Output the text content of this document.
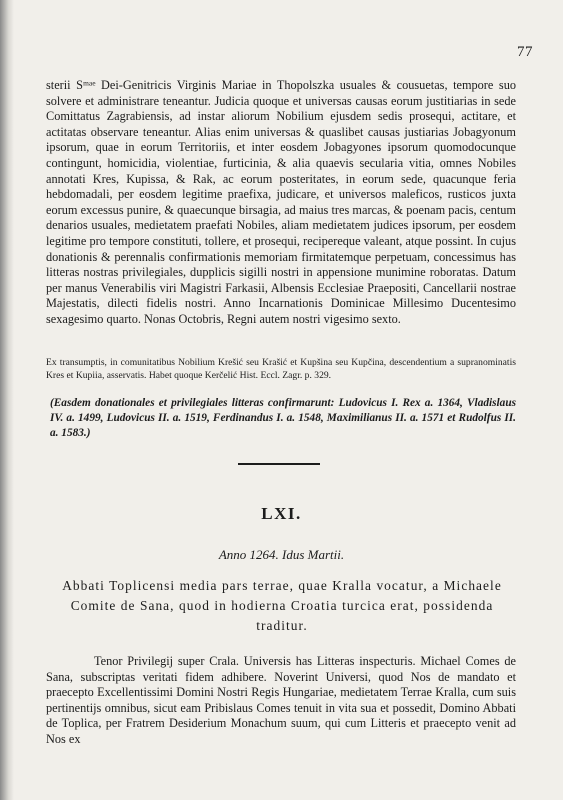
77

sterii Sᵐᵃᵉ Dei-Genitricis Virginis Mariae in Thopolszka usuales & cousuetas, tempore suo solvere et administrare teneantur. Judicia quoque et universas causas eorum justitiarias in sede Comittatus Zagrabiensis, ad instar aliorum Nobilium ejusdem sedis prosequi, actitare, et actitatas observare teneantur. Alias enim universas & quaslibet causas justiarias Jobagyonum ipsorum, quae in eorum Territoriis, et inter eosdem Jobagyones ipsorum quomodocunque contingunt, homicidia, violentiae, furticinia, & alia quaevis secularia vitia, omnes Nobiles annotati Kres, Kupissa, & Rak, ac eorum posteritates, in eorum sede, quacunque feria hebdomadali, per eosdem legitime praefixa, judicare, et universos maleficos, rusticos juxta eorum excessus punire, & quaecunque birsagia, ad maius tres marcas, & poenam pacis, centum denarios usuales, medietatem praefati Nobiles, aliam medietatem judices ipsorum, per eosdem legitime pro tempore constituti, tollere, et prosequi, recipereque valeant, atque possint. In cujus donationis & perennalis confirmationis memoriam firmitatemque perpetuam, concessimus has litteras nostras privilegiales, dupplicis sigilli nostri in appensione munimine roboratas. Datum per manus Venerabilis viri Magistri Farkasii, Albensis Ecclesiae Praepositi, Cancellarii nostrae Majestatis, dilecti fidelis nostri. Anno Incarnationis Dominicae Millesimo Ducentesimo sexagesimo quarto. Nonas Octobris, Regni autem nostri vigesimo sexto.

Ex transumptis, in comunitatibus Nobilium Krešić seu Krašić et Kupšina seu Kupčina, descendentium a supranominatis Kres et Kupiia, asservatis. Habet quoque Kerčelić Hist. Eccl. Zagr. p. 329.

(Easdem donationales et privilegiales litteras confirmarunt: Ludovicus I. Rex a. 1364, Vladislaus IV. a. 1499, Ludovicus II. a. 1519, Ferdinandus I. a. 1548, Maximilianus II. a. 1571 et Rudolfus II. a. 1583.)

LXI.
Anno 1264. Idus Martii.

Abbati Toplicensi media pars terrae, quae Kralla vocatur, a Michaele Comite de Sana, quod in hodierna Croatia turcica erat, possidenda traditur.

Tenor Privilegij super Crala. Universis has Litteras inspecturis. Michael Comes de Sana, subscriptas veritati fidem adhibere. Noverint Universi, quod Nos de mandato et praecepto Excellentissimi Domini Nostri Regis Hungariae, medietatem Terrae Kralla, cum suis pertinentijs omnibus, sicut eam Pribislaus Comes tenuit in vita sua et possedit, Domino Abbati de Toplica, per Fratrem Desiderium Monachum suum, qui cum Litteris et praecepto venit ad Nos ex
